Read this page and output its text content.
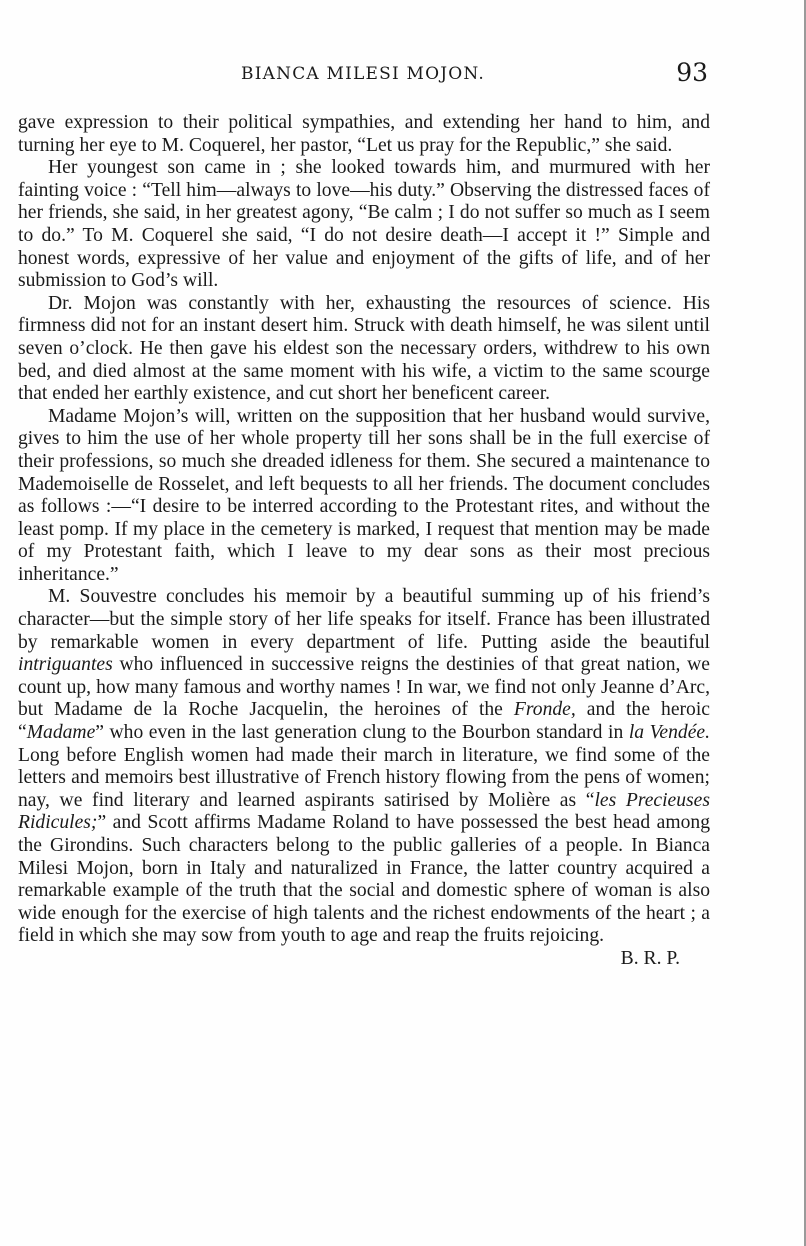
BIANCA MILESI MOJON.	93

gave expression to their political sympathies, and extending her hand to him, and turning her eye to M. Coquerel, her pastor, “Let us pray for the Republic,” she said.

Her youngest son came in ; she looked towards him, and murmured with her fainting voice : “Tell him—always to love—his duty.” Observing the distressed faces of her friends, she said, in her greatest agony, “Be calm ; I do not suffer so much as I seem to do.” To M. Coquerel she said, “I do not desire death—I accept it !” Simple and honest words, expressive of her value and enjoyment of the gifts of life, and of her submission to God’s will.

Dr. Mojon was constantly with her, exhausting the resources of science. His firmness did not for an instant desert him. Struck with death himself, he was silent until seven o’clock. He then gave his eldest son the necessary orders, withdrew to his own bed, and died almost at the same moment with his wife, a victim to the same scourge that ended her earthly existence, and cut short her beneficent career.

Madame Mojon’s will, written on the supposition that her husband would survive, gives to him the use of her whole property till her sons shall be in the full exercise of their professions, so much she dreaded idleness for them. She secured a maintenance to Mademoiselle de Rosselet, and left bequests to all her friends. The document concludes as follows :—“I desire to be interred according to the Protestant rites, and without the least pomp. If my place in the cemetery is marked, I request that mention may be made of my Protestant faith, which I leave to my dear sons as their most precious inheritance.”

M. Souvestre concludes his memoir by a beautiful summing up of his friend’s character—but the simple story of her life speaks for itself. France has been illustrated by remarkable women in every department of life. Putting aside the beautiful intriguantes who influenced in successive reigns the destinies of that great nation, we count up, how many famous and worthy names ! In war, we find not only Jeanne d’Arc, but Madame de la Roche Jacquelin, the heroines of the Fronde, and the heroic “Madame” who even in the last generation clung to the Bourbon standard in la Vendée. Long before English women had made their march in literature, we find some of the letters and memoirs best illustrative of French history flowing from the pens of women; nay, we find literary and learned aspirants satirised by Molière as “les Precieuses Ridicules;” and Scott affirms Madame Roland to have possessed the best head among the Girondins. Such characters belong to the public galleries of a people. In Bianca Milesi Mojon, born in Italy and naturalized in France, the latter country acquired a remarkable example of the truth that the social and domestic sphere of woman is also wide enough for the exercise of high talents and the richest endowments of the heart ; a field in which she may sow from youth to age and reap the fruits rejoicing.
B. R. P.
